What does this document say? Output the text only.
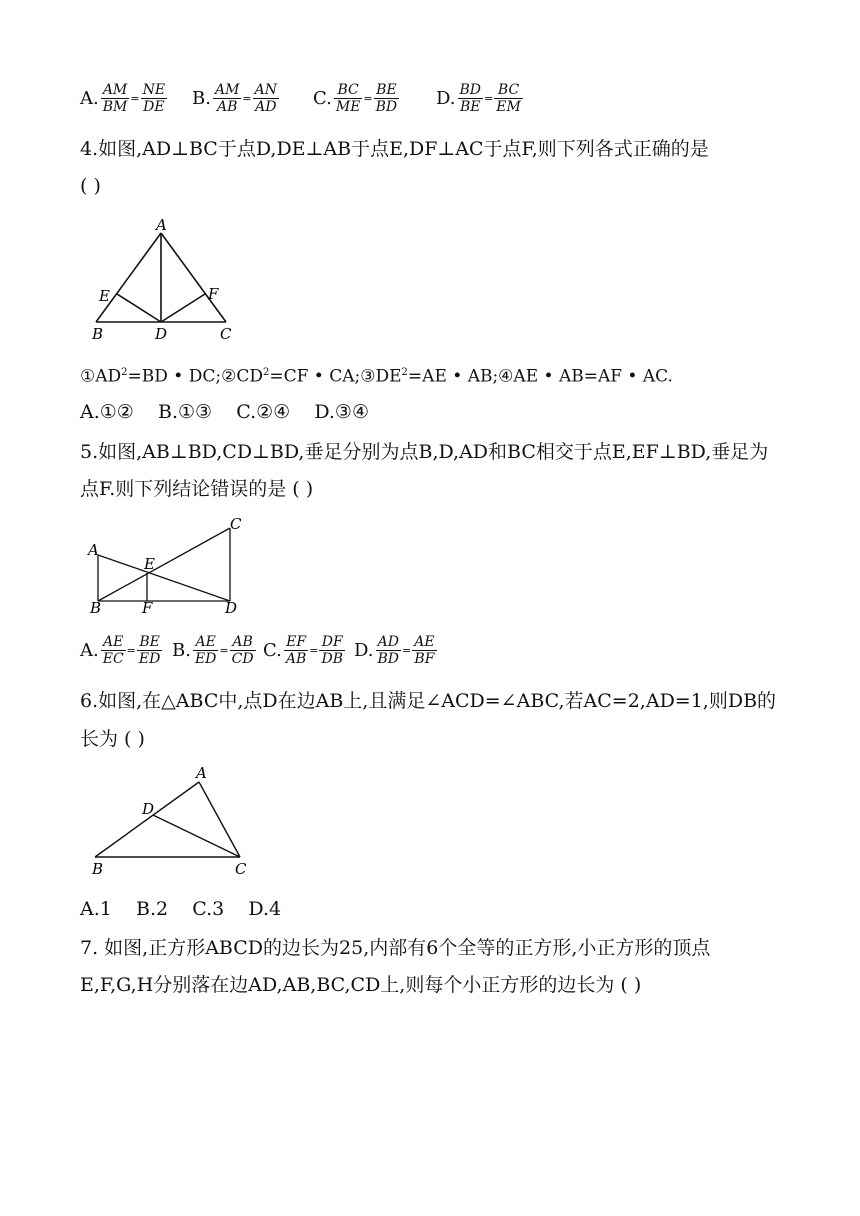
A. $\frac{AM}{BM} = \frac{NE}{DE} B$. $\frac{AM}{AB} = \frac{AN}{AD} C$. $\frac{BC}{ME} = \frac{BE}{BD} D$. $\frac{BD}{BE} = \frac{BC}{EM}$
4.如图,AD⊥BC于点D,DE⊥AB于点E,DF⊥AC于点F,则下列各式正确的是
( )
A
E	F
B	D	C
$①AD^2=BD$ • $DC;②CD^2=CF$ • $CA;③DE^2=AE$ • AB;④AE • AB=AF • AC.
A.①②    B.①③    C.②④    D.③④
5.如图,AB⊥BD,CD⊥BD,垂足分别为点B,D,AD和BC相交于点E,EF⊥BD,垂足为
点F.则下列结论错误的是 ( )
A
E
C
B	F	D
A. $\frac{AE}{EC} = \frac{BE}{ED} B$. $\frac{AE}{ED} = \frac{AB}{CD} C$. $\frac{EF}{AB} = \frac{DF}{DB} D$. $\frac{AD}{BD} = \frac{AE}{BF}$
6.如图,在△ABC中,点D在边AB上,且满足∠ACD=∠ABC,若AC=2,AD=1,则DB的
长为 ( )
A
D
B	C
A.1    B.2    C.3    D.4
7. 如图,正方形ABCD的边长为25,内部有6个全等的正方形,小正方形的顶点
E,F,G,H分别落在边AD,AB,BC,CD上,则每个小正方形的边长为 ( )
